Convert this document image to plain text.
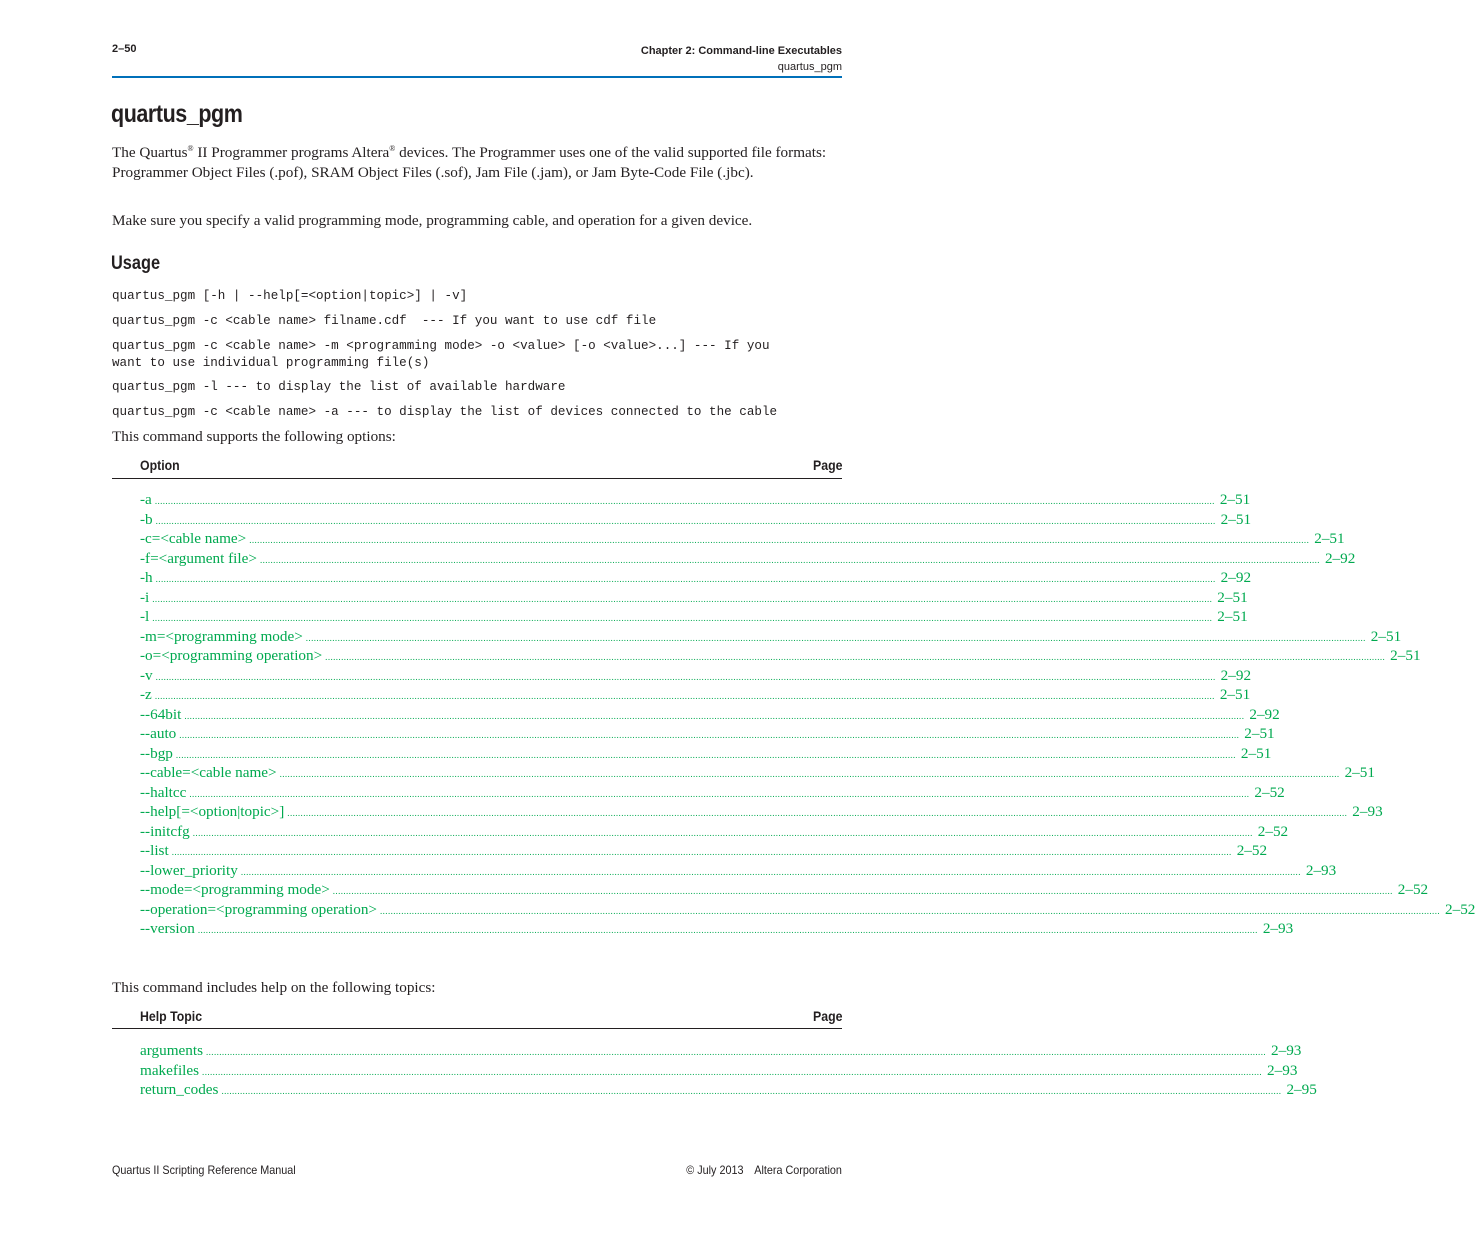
2–50	Chapter 2: Command-line Executables
quartus_pgm
quartus_pgm
The Quartus® II Programmer programs Altera® devices. The Programmer uses one of the valid supported file formats: Programmer Object Files (.pof), SRAM Object Files (.sof), Jam File (.jam), or Jam Byte-Code File (.jbc).
Make sure you specify a valid programming mode, programming cable, and operation for a given device.
Usage
quartus_pgm [-h | --help[=<option|topic>] | -v]
quartus_pgm -c <cable name> filname.cdf  --- If you want to use cdf file
quartus_pgm -c <cable name> -m <programming mode> -o <value> [-o <value>...] --- If you
want to use individual programming file(s)
quartus_pgm -l --- to display the list of available hardware
quartus_pgm -c <cable name> -a --- to display the list of devices connected to the cable
This command supports the following options:
Option	Page
-a ................................................................................................................................................................................................................................................................................................................................................................................................................ 2–51
-b ................................................................................................................................................................................................................................................................................................................................................................................................................ 2–51
-c=<cable name> ................................................................................................................................................................................................................................................................................................................................................................................................................ 2–51
-f=<argument file> ................................................................................................................................................................................................................................................................................................................................................................................................................ 2–92
-h ................................................................................................................................................................................................................................................................................................................................................................................................................ 2–92
-i ................................................................................................................................................................................................................................................................................................................................................................................................................ 2–51
-l ................................................................................................................................................................................................................................................................................................................................................................................................................ 2–51
-m=<programming mode> ................................................................................................................................................................................................................................................................................................................................................................................................................ 2–51
-o=<programming operation> ................................................................................................................................................................................................................................................................................................................................................................................................................ 2–51
-v ................................................................................................................................................................................................................................................................................................................................................................................................................ 2–92
-z ................................................................................................................................................................................................................................................................................................................................................................................................................ 2–51
--64bit ................................................................................................................................................................................................................................................................................................................................................................................................................ 2–92
--auto ................................................................................................................................................................................................................................................................................................................................................................................................................ 2–51
--bgp ................................................................................................................................................................................................................................................................................................................................................................................................................ 2–51
--cable=<cable name> ................................................................................................................................................................................................................................................................................................................................................................................................................ 2–51
--haltcc ................................................................................................................................................................................................................................................................................................................................................................................................................ 2–52
--help[=<option|topic>] ................................................................................................................................................................................................................................................................................................................................................................................................................ 2–93
--initcfg ................................................................................................................................................................................................................................................................................................................................................................................................................ 2–52
--list ................................................................................................................................................................................................................................................................................................................................................................................................................ 2–52
--lower_priority ................................................................................................................................................................................................................................................................................................................................................................................................................ 2–93
--mode=<programming mode> ................................................................................................................................................................................................................................................................................................................................................................................................................ 2–52
--operation=<programming operation> ................................................................................................................................................................................................................................................................................................................................................................................................................ 2–52
--version ................................................................................................................................................................................................................................................................................................................................................................................................................ 2–93
This command includes help on the following topics:
Help Topic	Page
arguments ................................................................................................................................................................................................................................................................................................................................................................................................................ 2–93
makefiles ................................................................................................................................................................................................................................................................................................................................................................................................................ 2–93
return_codes ................................................................................................................................................................................................................................................................................................................................................................................................................ 2–95
Quartus II Scripting Reference Manual	© July 2013 Altera Corporation
